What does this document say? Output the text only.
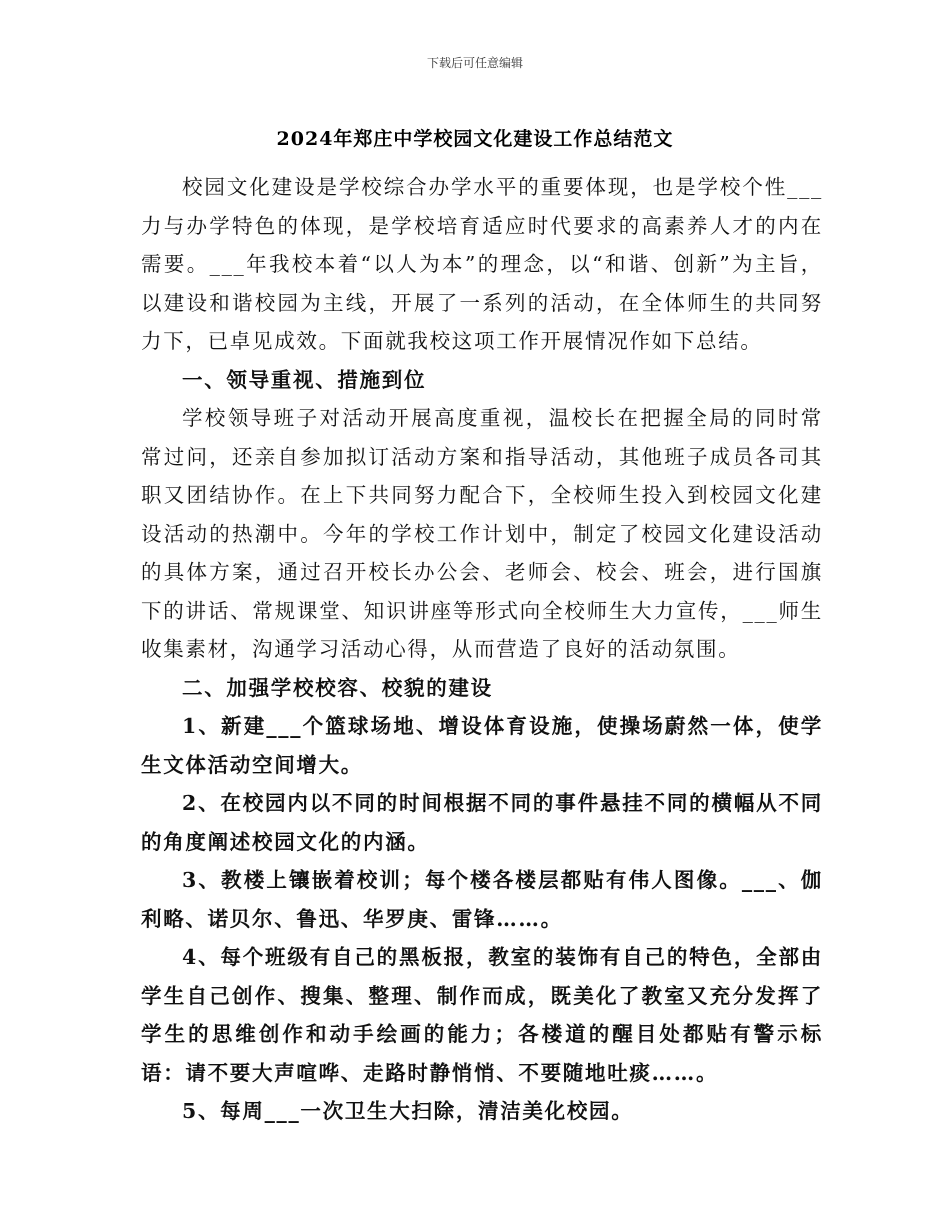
下载后可任意编辑
2024年郑庄中学校园文化建设工作总结范文

校园文化建设是学校综合办学水平的重要体现，也是学校个性___力与办学特色的体现，是学校培育适应时代要求的高素养人才的内在需要。___年我校本着“以人为本”的理念，以“和谐、创新”为主旨，以建设和谐校园为主线，开展了一系列的活动，在全体师生的共同努力下，已卓见成效。下面就我校这项工作开展情况作如下总结。

一、领导重视、措施到位

学校领导班子对活动开展高度重视，温校长在把握全局的同时常常过问，还亲自参加拟订活动方案和指导活动，其他班子成员各司其职又团结协作。在上下共同努力配合下，全校师生投入到校园文化建设活动的热潮中。今年的学校工作计划中，制定了校园文化建设活动的具体方案，通过召开校长办公会、老师会、校会、班会，进行国旗下的讲话、常规课堂、知识讲座等形式向全校师生大力宣传，___师生收集素材，沟通学习活动心得，从而营造了良好的活动氛围。

二、加强学校校容、校貌的建设

1、新建___个篮球场地、增设体育设施，使操场蔚然一体，使学生文体活动空间增大。

2、在校园内以不同的时间根据不同的事件悬挂不同的横幅从不同的角度阐述校园文化的内涵。

3、教楼上镶嵌着校训；每个楼各楼层都贴有伟人图像。___、伽利略、诺贝尔、鲁迅、华罗庚、雷锋……。

4、每个班级有自己的黑板报，教室的装饰有自己的特色，全部由学生自己创作、搜集、整理、制作而成，既美化了教室又充分发挥了学生的思维创作和动手绘画的能力；各楼道的醒目处都贴有警示标语：请不要大声喧哗、走路时静悄悄、不要随地吐痰……。

5、每周___一次卫生大扫除，清洁美化校园。
